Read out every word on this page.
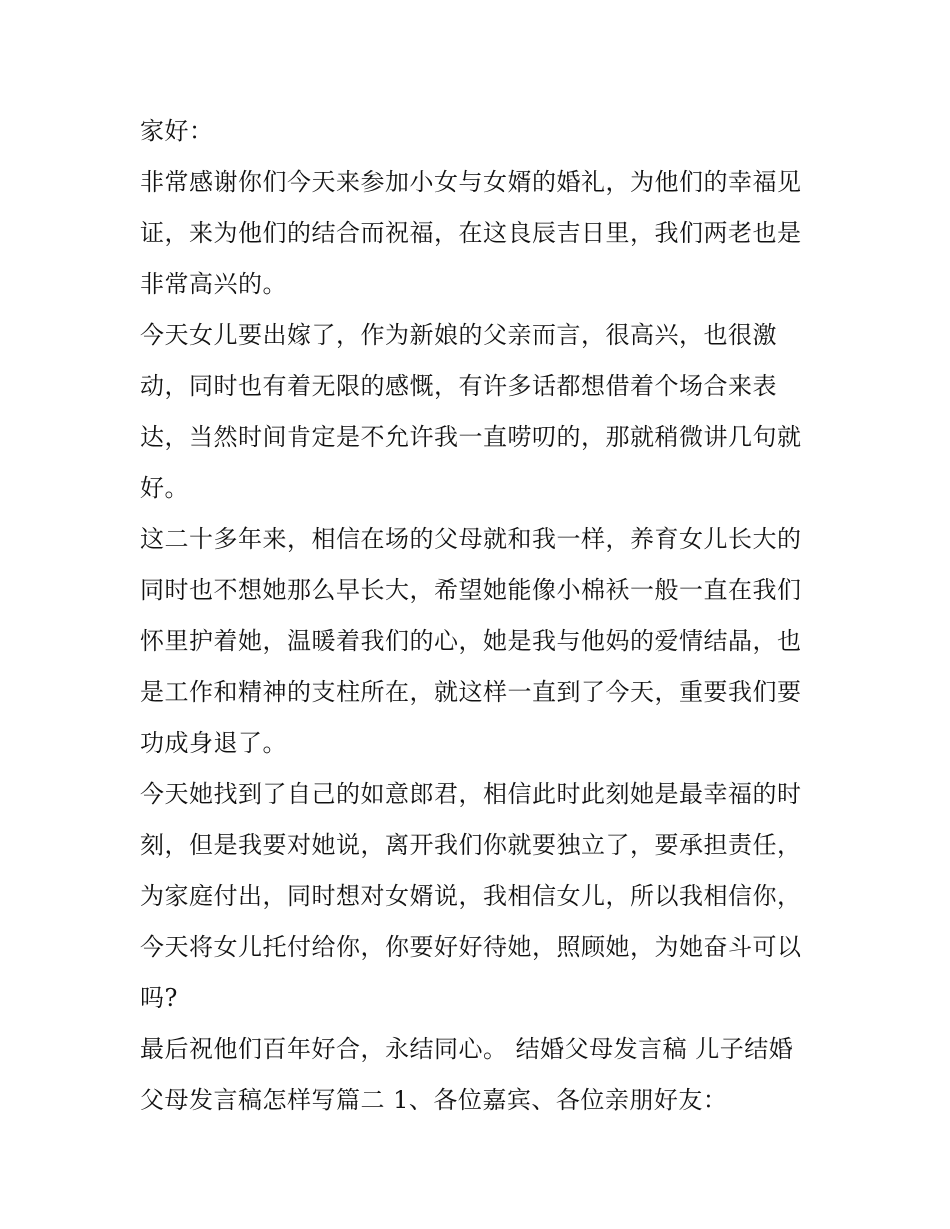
家好：
非常感谢你们今天来参加小女与女婿的婚礼，为他们的幸福见
证，来为他们的结合而祝福，在这良辰吉日里，我们两老也是
非常高兴的。
今天女儿要出嫁了，作为新娘的父亲而言，很高兴，也很激
动，同时也有着无限的感慨，有许多话都想借着个场合来表
达，当然时间肯定是不允许我一直唠叨的，那就稍微讲几句就
好。
这二十多年来，相信在场的父母就和我一样，养育女儿长大的
同时也不想她那么早长大，希望她能像小棉袄一般一直在我们
怀里护着她，温暖着我们的心，她是我与他妈的爱情结晶，也
是工作和精神的支柱所在，就这样一直到了今天，重要我们要
功成身退了。
今天她找到了自己的如意郎君，相信此时此刻她是最幸福的时
刻，但是我要对她说，离开我们你就要独立了，要承担责任，
为家庭付出，同时想对女婿说，我相信女儿，所以我相信你，
今天将女儿托付给你，你要好好待她，照顾她，为她奋斗可以
吗?
最后祝他们百年好合，永结同心。 结婚父母发言稿 儿子结婚
父母发言稿怎样写篇二 1、各位嘉宾、各位亲朋好友：
